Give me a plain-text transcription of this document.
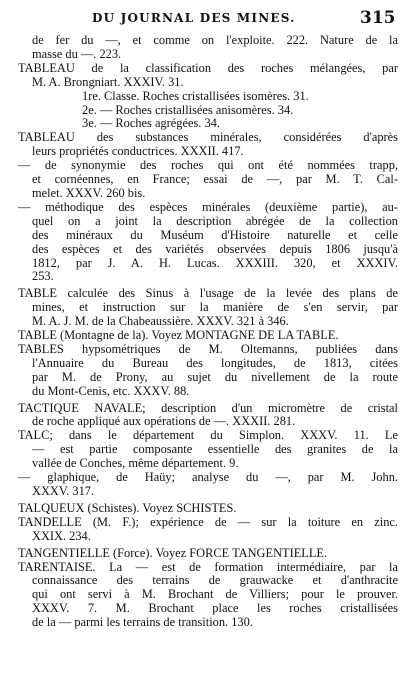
DU JOURNAL DES MINES.	315
de fer du —, et comme on l'exploite. 222. Nature de la
masse du —. 223.
TABLEAU de la classification des roches mélangées, par
M. A. Brongniart. XXXIV. 31.
1re. Classe. Roches cristallisées isomères. 31.
2e. — Roches cristallisées anisomères. 34.
3e. — Roches agrégées. 34.
TABLEAU des substances minérales, considérées d'après
leurs propriétés conductrices. XXXII. 417.
— de synonymie des roches qui ont été nommées trapp,
et cornéennes, en France; essai de —, par M. T. Cal-
melet. XXXV. 260 bis.
— méthodique des espèces minérales (deuxième partie), au-
quel on a joint la description abrégée de la collection
des minéraux du Muséum d'Histoire naturelle et celle
des espèces et des variétés observées depuis 1806 jusqu'à
1812, par J. A. H. Lucas. XXXIII. 320, et XXXIV.
253.
TABLE calculée des Sinus à l'usage de la levée des plans de
mines, et instruction sur la manière de s'en servir, par
M. A. J. M. de la Chabeaussière. XXXV. 321 à 346.
TABLE (Montagne de la). Voyez MONTAGNE DE LA TABLE.
TABLES hypsométriques de M. Oltemanns, publiées dans
l'Annuaire du Bureau des longitudes, de 1813, citées
par M. de Prony, au sujet du nivellement de la route
du Mont-Cenis, etc. XXXV. 88.
TACTIQUE NAVALE; description d'un micromètre de cristal
de roche appliqué aux opérations de —. XXXII. 281.
TALC; dans le département du Simplon. XXXV. 11. Le
— est partie composante essentielle des granites de la
vallée de Conches, même département. 9.
— glaphique, de Haüy; analyse du —, par M. John.
XXXV. 317.
TALQUEUX (Schistes). Voyez SCHISTES.
TANDELLE (M. F.); expérience de — sur la toiture en zinc.
XXIX. 234.
TANGENTIELLE (Force). Voyez FORCE TANGENTIELLE.
TARENTAISE. La — est de formation intermédiaire, par la
connaissance des terrains de grauwacke et d'anthracite
qui ont servi à M. Brochant de Villiers; pour le prouver.
XXXV. 7. M. Brochant place les roches cristallisées
de la — parmi les terrains de transition. 130.
